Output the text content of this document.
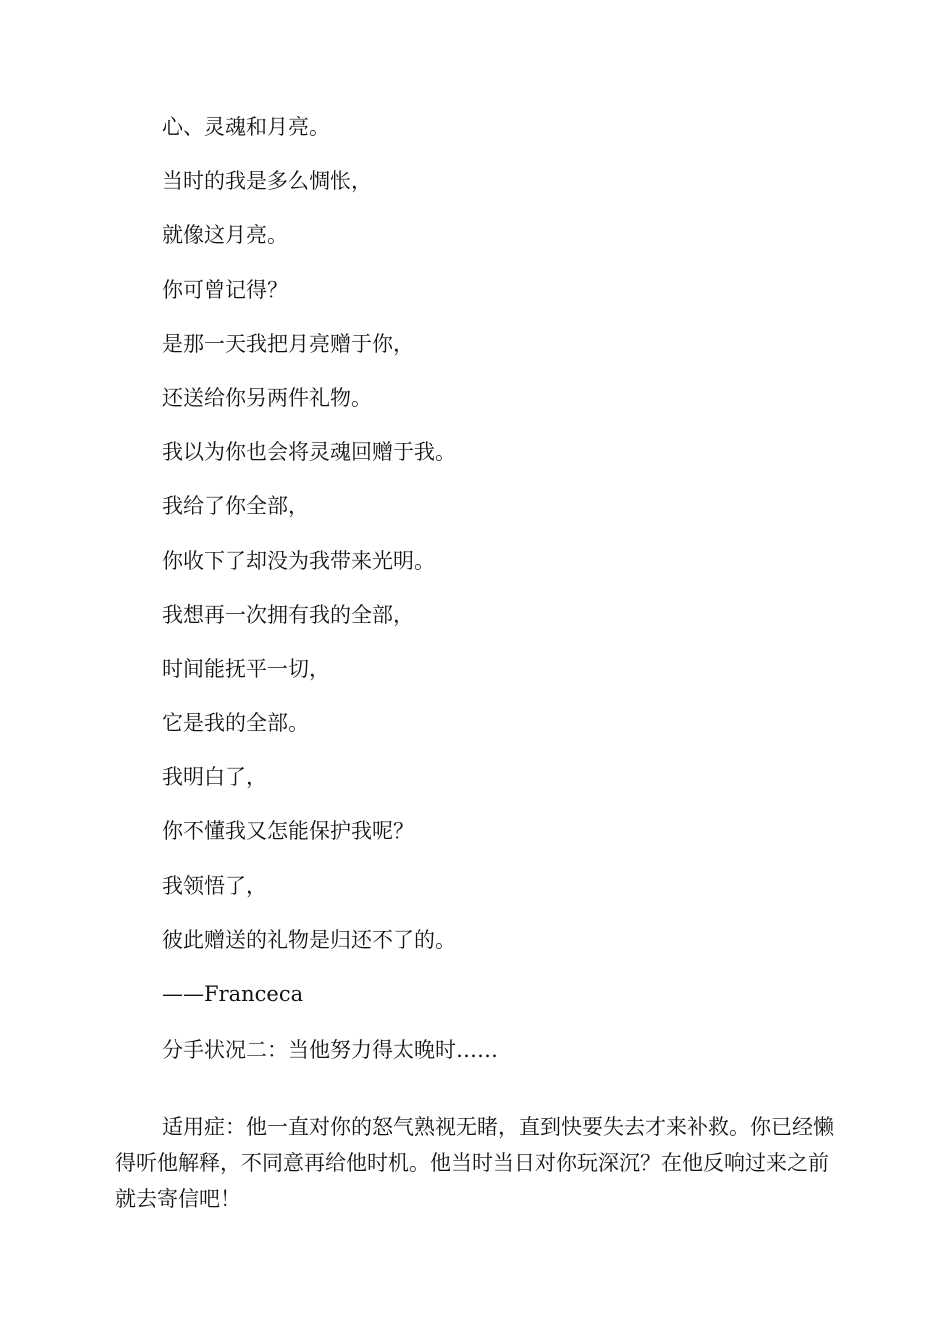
心、灵魂和月亮。
当时的我是多么惆怅，
就像这月亮。
你可曾记得？
是那一天我把月亮赠于你，
还送给你另两件礼物。
我以为你也会将灵魂回赠于我。
我给了你全部，
你收下了却没为我带来光明。
我想再一次拥有我的全部，
时间能抚平一切，
它是我的全部。
我明白了，
你不懂我又怎能保护我呢？
我领悟了，
彼此赠送的礼物是归还不了的。
——Franceca
分手状况二：当他努力得太晚时……

适用症：他一直对你的怒气熟视无睹，直到快要失去才来补救。你已经懒得听他解释，不同意再给他时机。他当时当日对你玩深沉？在他反响过来之前就去寄信吧！
